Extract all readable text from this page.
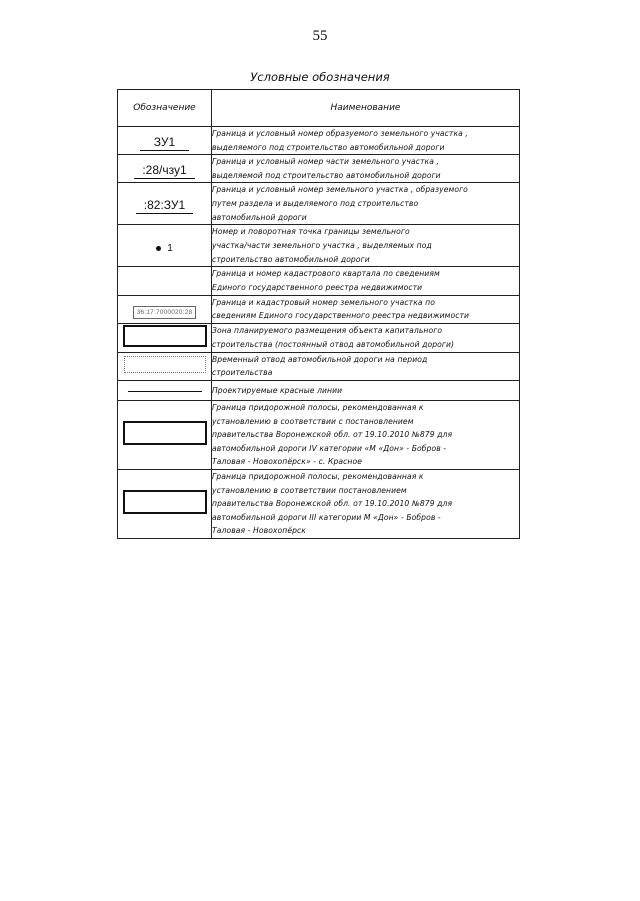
55
Условные обозначения
Обозначение	Наименование
ЗУ1	Граница и условный номер образуемого земельного участка ,
выделяемого под строительство автомобильной дороги
:28/чзу1	Граница и условный номер части земельного участка ,
выделяемой под строительство автомобильной дороги
:82:ЗУ1	Граница и условный номер земельного участка , образуемого
путем раздела и выделяемого под строительство
автомобильной дороги
1	Номер и поворотная точка границы земельного
участка/части земельного участка , выделяемых под
строительство автомобильной дороги
	Граница и номер кадастрового квартала по сведениям
Единого государственного реестра недвижимости
36:17:7000020:28	Граница и кадастровый номер земельного участка по
сведениям Единого государственного реестра недвижимости
	Зона планируемого размещения объекта капитального
строительства (постоянный отвод автомобильной дороги)
	Временный отвод автомобильной дороги на период
строительства
	Проектируемые красные линии
	Граница придорожной полосы, рекомендованная к
установлению в соответствии с постановлением
правительства Воронежской обл. от 19.10.2010 №879 для
автомобильной дороги IV категории «М «Дон» - Бобров -
Таловая - Новохопёрск» - с. Красное
	Граница придорожной полосы, рекомендованная к
установлению в соответствии постановлением
правительства Воронежской обл. от 19.10.2010 №879 для
автомобильной дороги III категории М «Дон» - Бобров -
Таловая - Новохопёрск
